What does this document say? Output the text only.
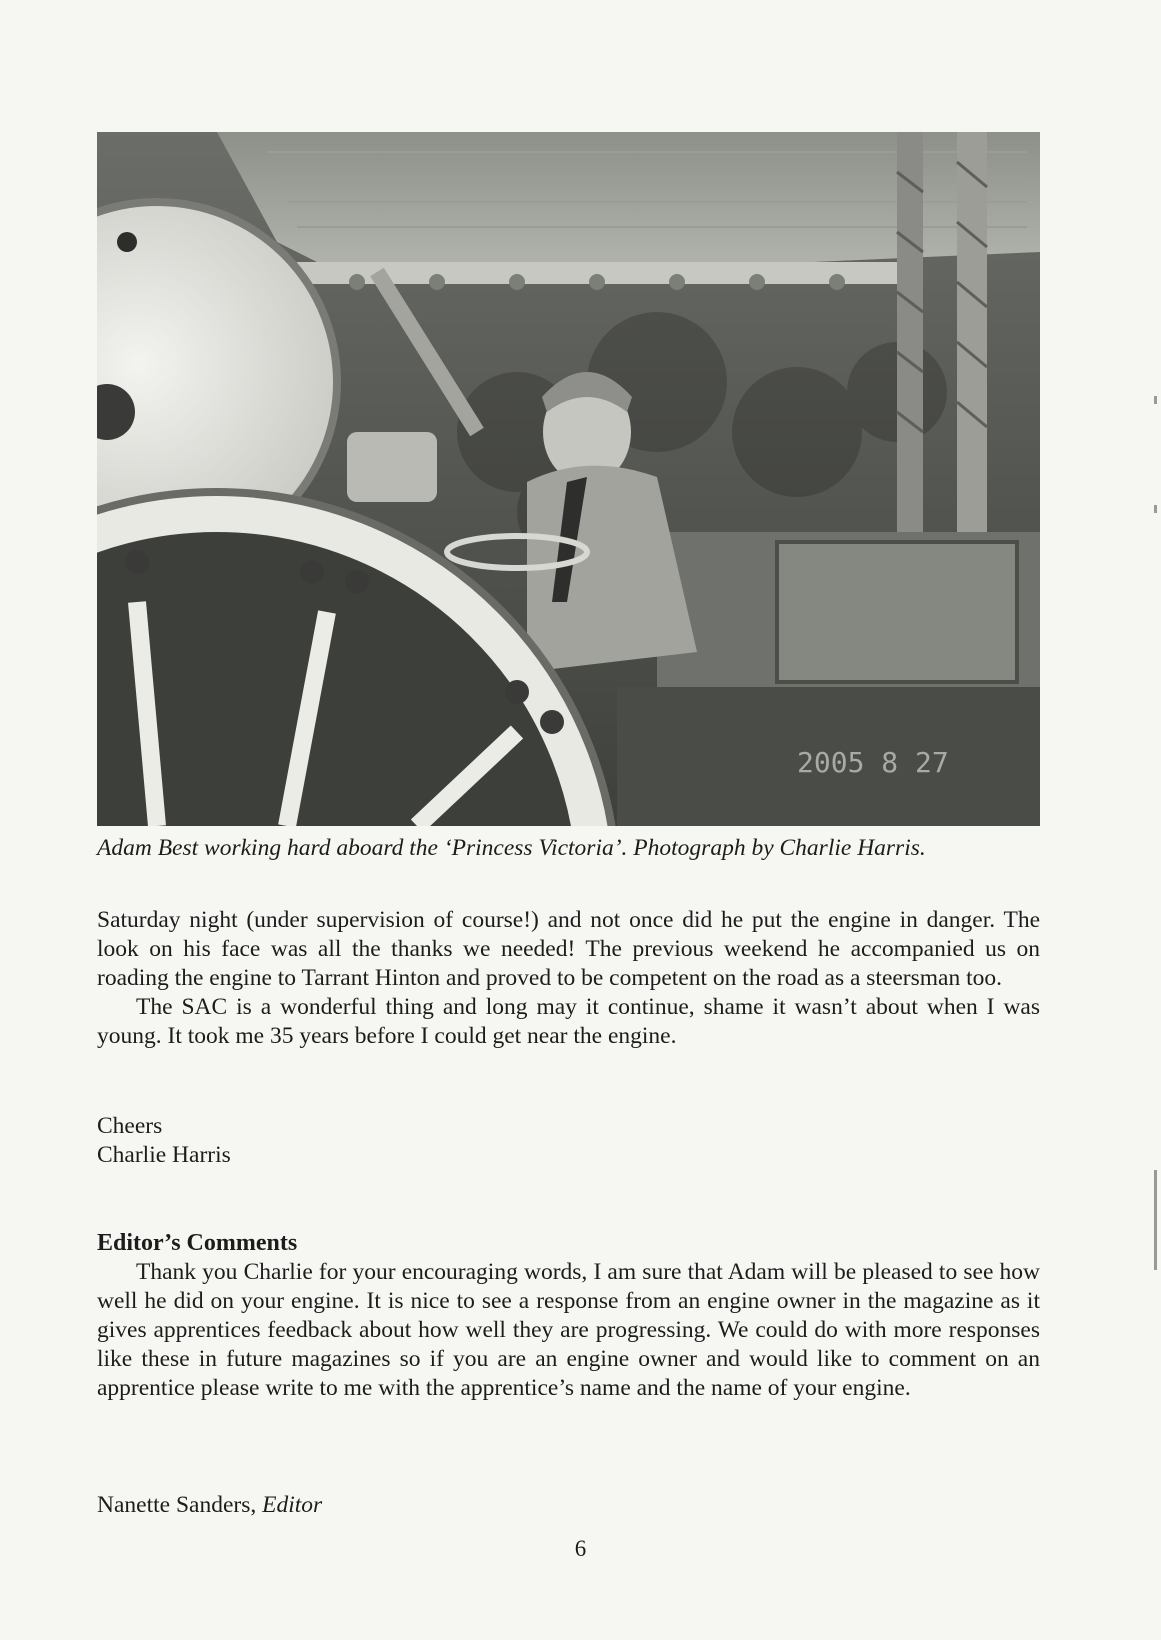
2005 8 27
Adam Best working hard aboard the ‘Princess Victoria’. Photograph by Charlie Harris.

Saturday night (under supervision of course!) and not once did he put the engine in danger. The look on his face was all the thanks we needed! The previous weekend he accompanied us on roading the engine to Tarrant Hinton and proved to be competent on the road as a steersman too.

The SAC is a wonderful thing and long may it continue, shame it wasn’t about when I was young. It took me 35 years before I could get near the engine.

Cheers
Charlie Harris
Editor’s Comments

Thank you Charlie for your encouraging words, I am sure that Adam will be pleased to see how well he did on your engine. It is nice to see a response from an engine owner in the magazine as it gives apprentices feedback about how well they are progressing. We could do with more responses like these in future magazines so if you are an engine owner and would like to comment on an apprentice please write to me with the apprentice’s name and the name of your engine.

Nanette Sanders, Editor
6
